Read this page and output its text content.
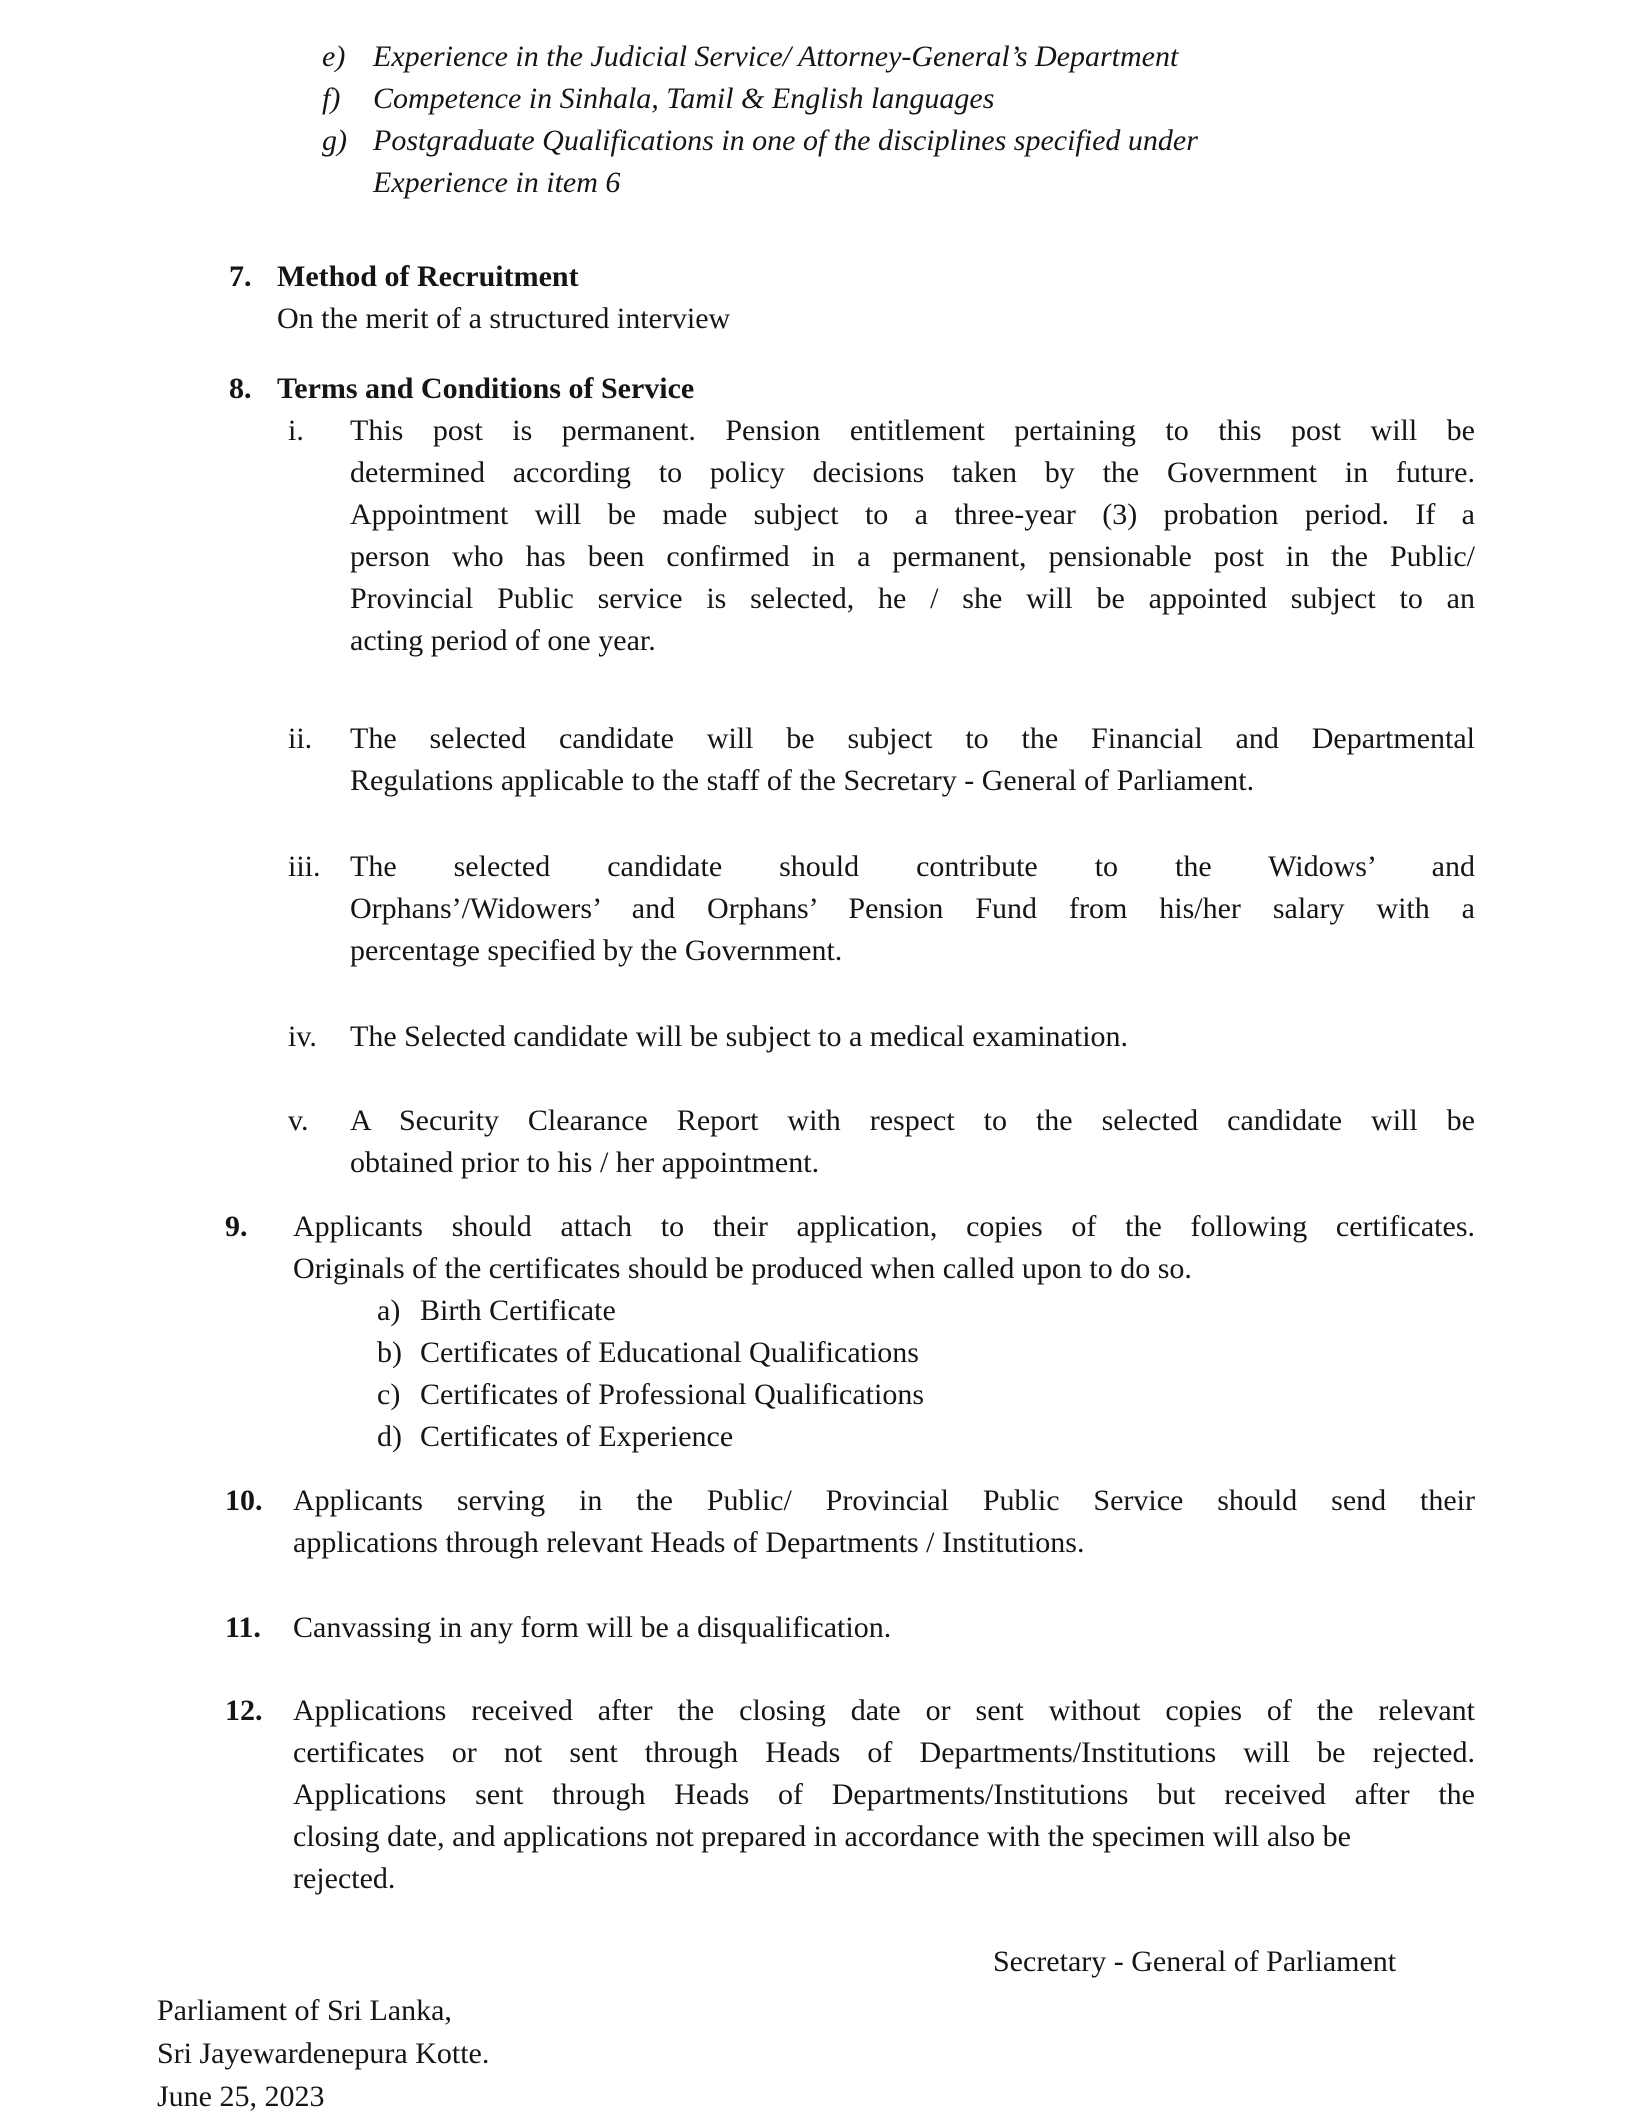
e) Experience in the Judicial Service/ Attorney-General’s Department
f) Competence in Sinhala, Tamil & English languages
g) Postgraduate Qualifications in one of the disciplines specified under
Experience in item 6
7. Method of Recruitment
On the merit of a structured interview
8. Terms and Conditions of Service
i. This post is permanent. Pension entitlement pertaining to this post will be
determined according to policy decisions taken by the Government in future.
Appointment will be made subject to a three-year (3) probation period. If a
person who has been confirmed in a permanent, pensionable post in the Public/
Provincial Public service is selected, he / she will be appointed subject to an
acting period of one year.
ii. The selected candidate will be subject to the Financial and Departmental
Regulations applicable to the staff of the Secretary - General of Parliament.
iii. The selected candidate should contribute to the Widows’ and
Orphans’/Widowers’ and Orphans’ Pension Fund from his/her salary with a
percentage specified by the Government.
iv. The Selected candidate will be subject to a medical examination.
v. A Security Clearance Report with respect to the selected candidate will be
obtained prior to his / her appointment.
9. Applicants should attach to their application, copies of the following certificates.
Originals of the certificates should be produced when called upon to do so.
a) Birth Certificate
b) Certificates of Educational Qualifications
c) Certificates of Professional Qualifications
d) Certificates of Experience
10. Applicants serving in the Public/ Provincial Public Service should send their
applications through relevant Heads of Departments / Institutions.
11. Canvassing in any form will be a disqualification.
12. Applications received after the closing date or sent without copies of the relevant
certificates or not sent through Heads of Departments/Institutions will be rejected.
Applications sent through Heads of Departments/Institutions but received after the
closing date, and applications not prepared in accordance with the specimen will also be
rejected.
Secretary - General of Parliament
Parliament of Sri Lanka,
Sri Jayewardenepura Kotte.
June 25, 2023
